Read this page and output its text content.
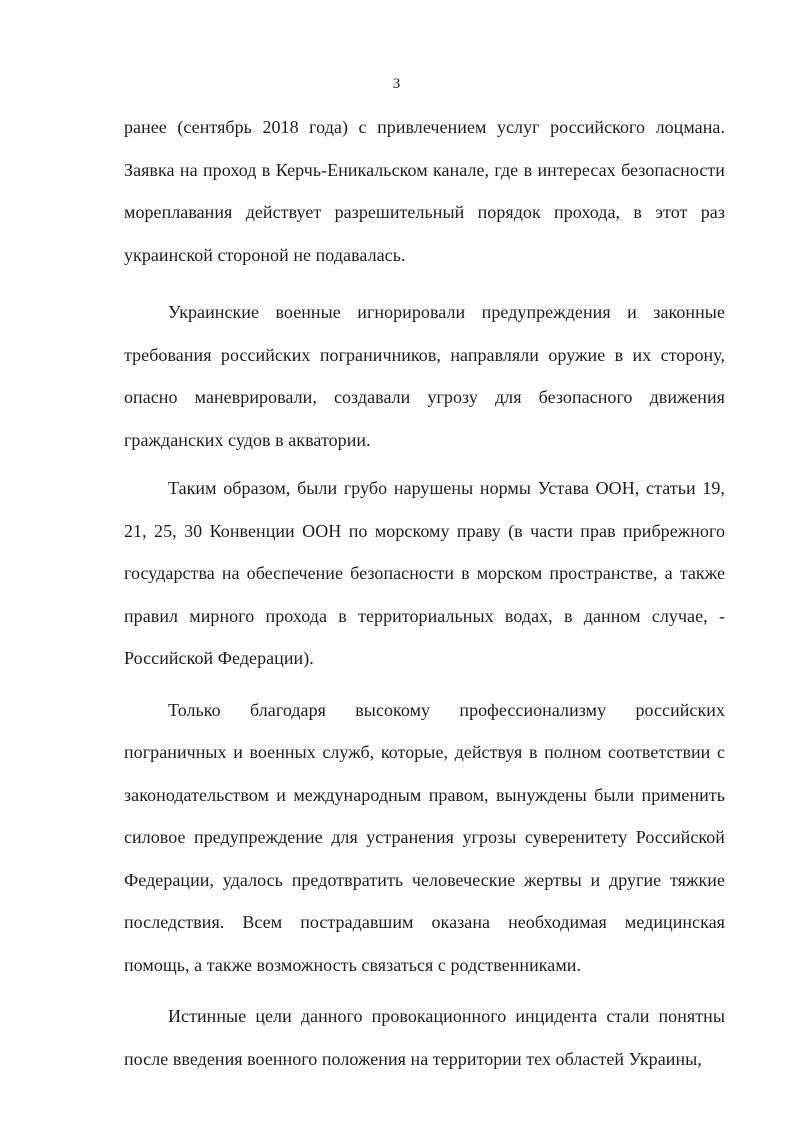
3

ранее (сентябрь 2018 года) с привлечением услуг российского лоцмана. Заявка на проход в Керчь-Еникальском канале, где в интересах безопасности мореплавания действует разрешительный порядок прохода, в этот раз украинской стороной не подавалась.

Украинские военные игнорировали предупреждения и законные требования российских пограничников, направляли оружие в их сторону, опасно маневрировали, создавали угрозу для безопасного движения гражданских судов в акватории.

Таким образом, были грубо нарушены нормы Устава ООН, статьи 19, 21, 25, 30 Конвенции ООН по морскому праву (в части прав прибрежного государства на обеспечение безопасности в морском пространстве, а также правил мирного прохода в территориальных водах, в данном случае, - Российской Федерации).

Только благодаря высокому профессионализму российских пограничных и военных служб, которые, действуя в полном соответствии с законодательством и международным правом, вынуждены были применить силовое предупреждение для устранения угрозы суверенитету Российской Федерации, удалось предотвратить человеческие жертвы и другие тяжкие последствия. Всем пострадавшим оказана необходимая медицинская помощь, а также возможность связаться с родственниками.

Истинные цели данного провокационного инцидента стали понятны после введения военного положения на территории тех областей Украины,
